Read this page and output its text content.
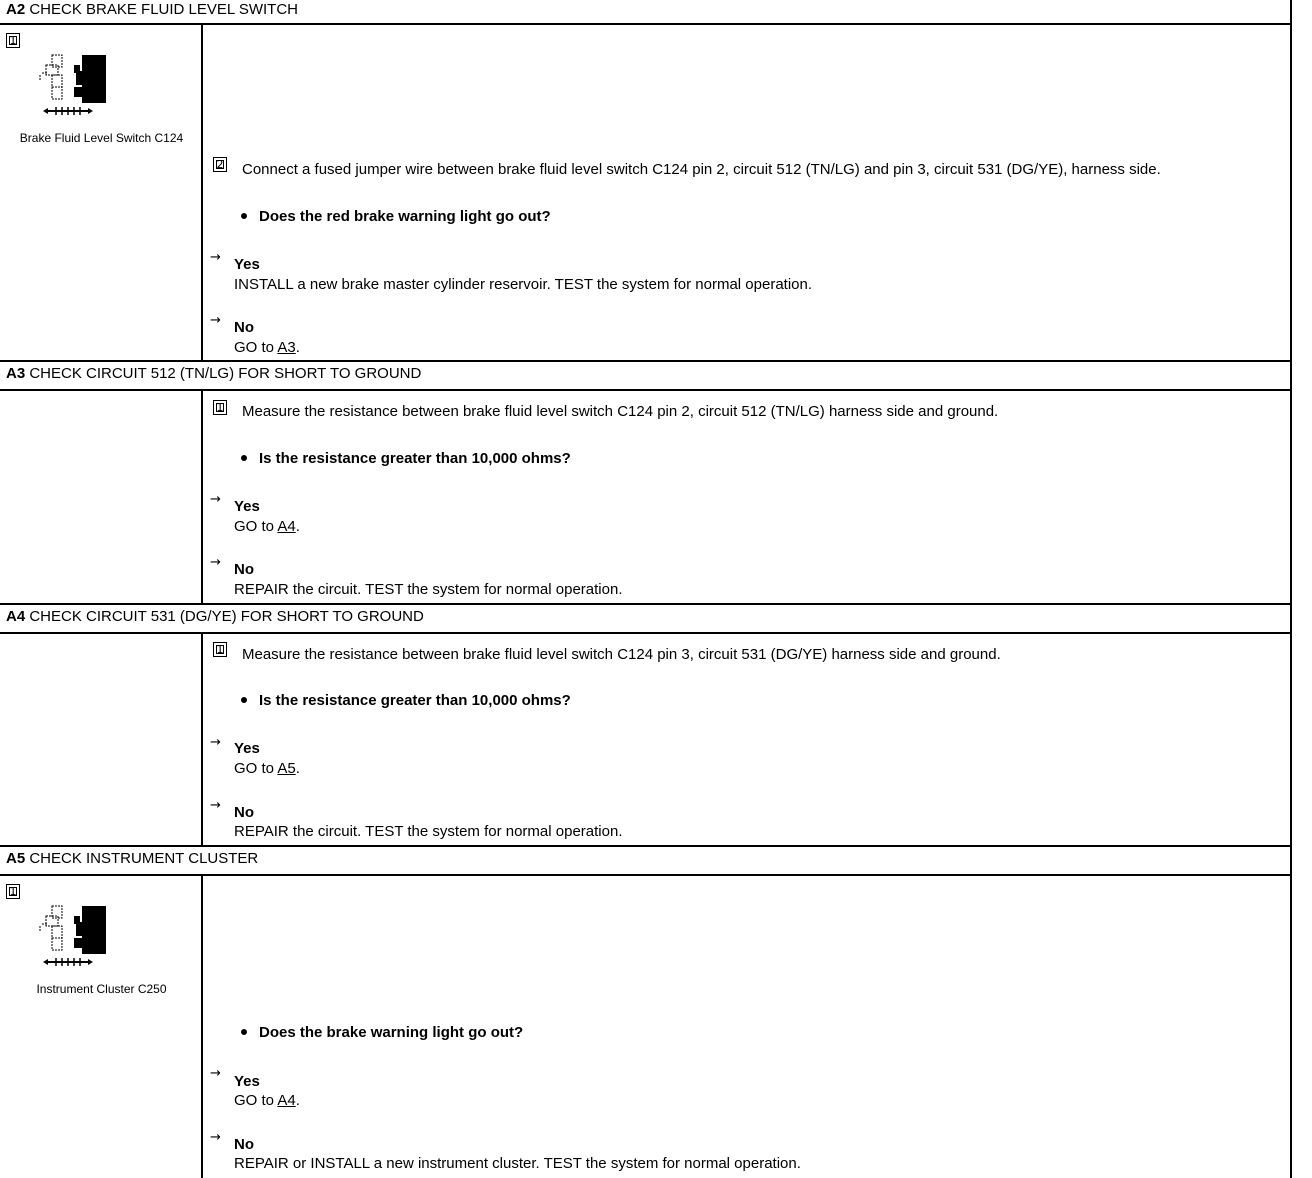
A2 CHECK BRAKE FLUID LEVEL SWITCH
1
Brake Fluid Level Switch C124
2 Connect a fused jumper wire between brake fluid level switch C124 pin 2, circuit 512 (TN/LG) and pin 3, circuit 531 (DG/YE), harness side.
Does the red brake warning light go out?
→ Yes
INSTALL a new brake master cylinder reservoir. TEST the system for normal operation.
→ No
GO to A3.
A3 CHECK CIRCUIT 512 (TN/LG) FOR SHORT TO GROUND
1 Measure the resistance between brake fluid level switch C124 pin 2, circuit 512 (TN/LG) harness side and ground.
Is the resistance greater than 10,000 ohms?
→ Yes
GO to A4.
→ No
REPAIR the circuit. TEST the system for normal operation.
A4 CHECK CIRCUIT 531 (DG/YE) FOR SHORT TO GROUND
1 Measure the resistance between brake fluid level switch C124 pin 3, circuit 531 (DG/YE) harness side and ground.
Is the resistance greater than 10,000 ohms?
→ Yes
GO to A5.
→ No
REPAIR the circuit. TEST the system for normal operation.
A5 CHECK INSTRUMENT CLUSTER
1
Instrument Cluster C250
Does the brake warning light go out?
→ Yes
GO to A4.
→ No
REPAIR or INSTALL a new instrument cluster. TEST the system for normal operation.
